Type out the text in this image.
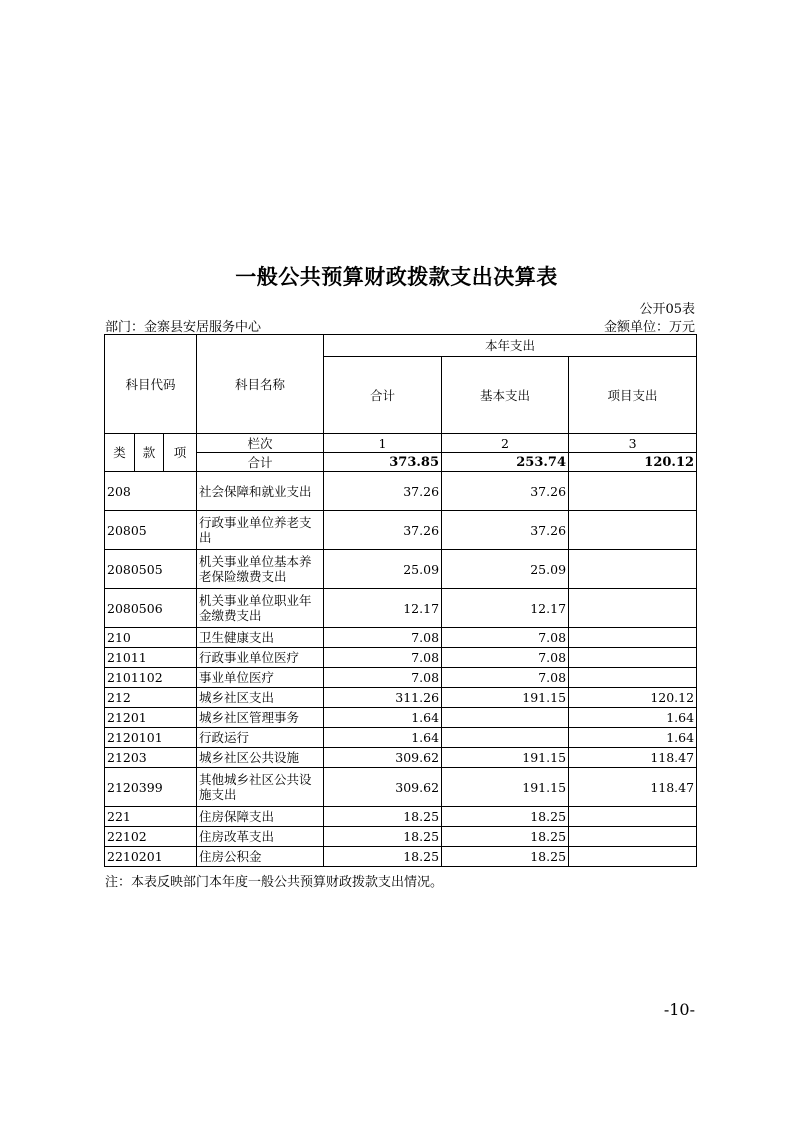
一般公共预算财政拨款支出决算表
公开05表
部门：金寨县安居服务中心	金额单位：万元
科目代码			科目名称	本年支出		
				合计	基本支出	项目支出
类	款	项	栏次	1	2	3
			合计	373.85	253.74	120.12
208			社会保障和就业支出	37.26	37.26	
20805			行政事业单位养老支出	37.26	37.26	
2080505			机关事业单位基本养老保险缴费支出	25.09	25.09	
2080506			机关事业单位职业年金缴费支出	12.17	12.17	
210			卫生健康支出	7.08	7.08	
21011			行政事业单位医疗	7.08	7.08	
2101102			事业单位医疗	7.08	7.08	
212			城乡社区支出	311.26	191.15	120.12
21201			城乡社区管理事务	1.64		1.64
2120101			行政运行	1.64		1.64
21203			城乡社区公共设施	309.62	191.15	118.47
2120399			其他城乡社区公共设施支出	309.62	191.15	118.47
221			住房保障支出	18.25	18.25	
22102			住房改革支出	18.25	18.25	
2210201			住房公积金	18.25	18.25	
注：本表反映部门本年度一般公共预算财政拨款支出情况。
-10-
